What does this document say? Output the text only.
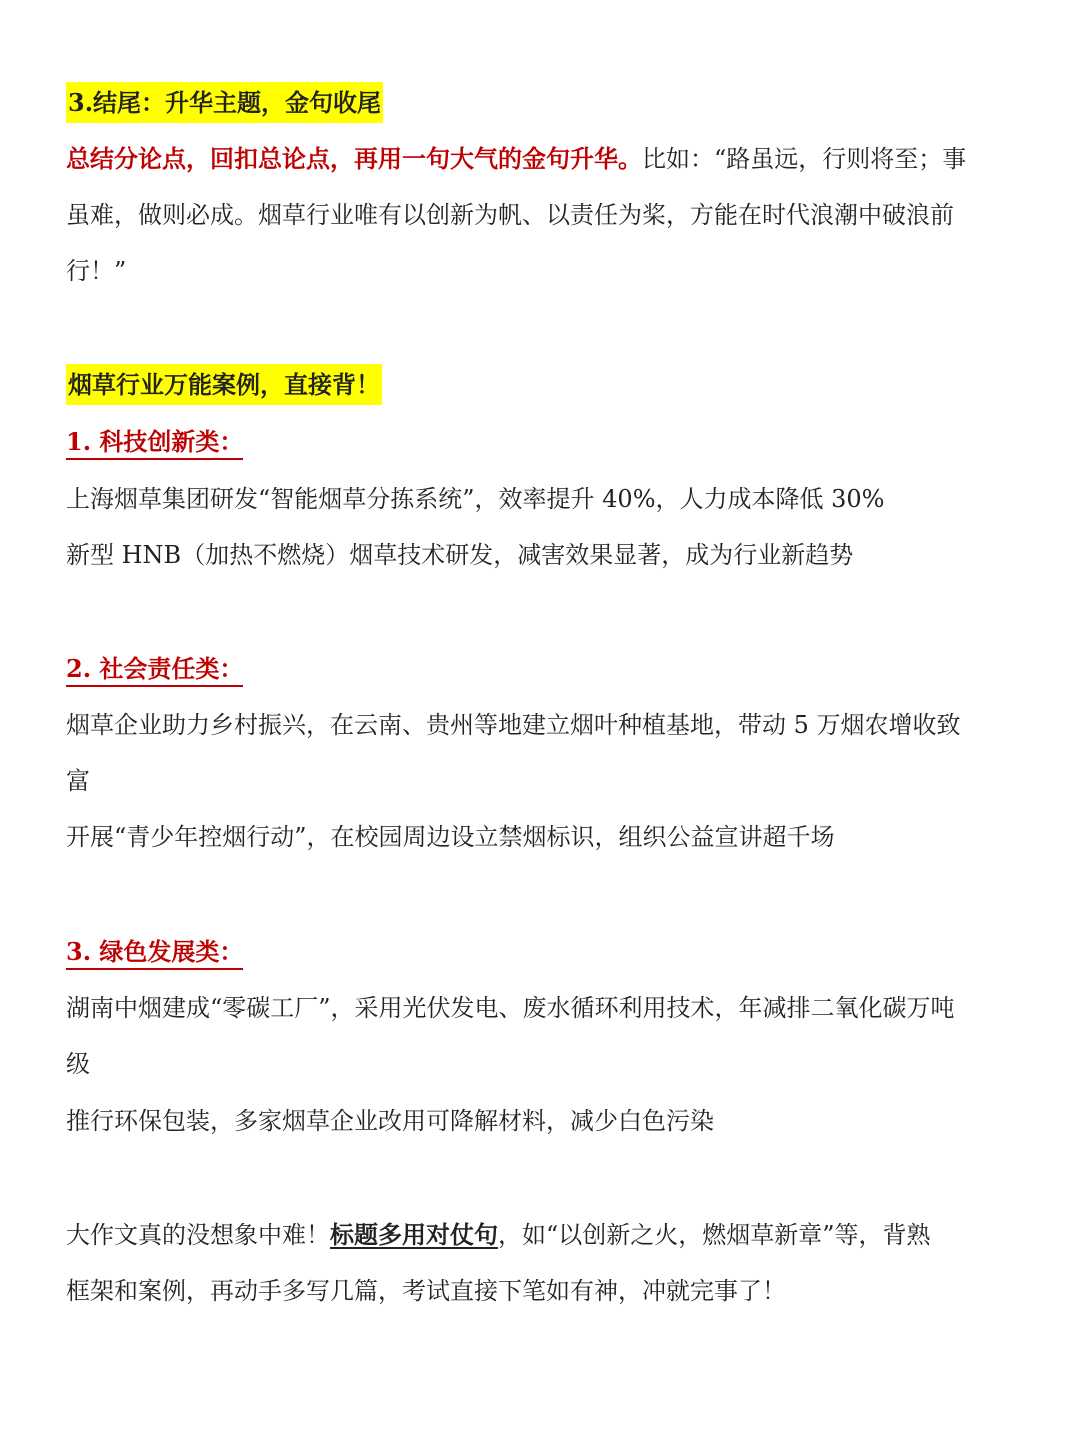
3.结尾：升华主题，金句收尾
总结分论点，回扣总论点，再用一句大气的金句升华。比如：“路虽远，行则将至；事
虽难，做则必成。烟草行业唯有以创新为帆、以责任为桨，方能在时代浪潮中破浪前
行！”
烟草行业万能案例，直接背！
1. 科技创新类：
上海烟草集团研发“智能烟草分拣系统”，效率提升 40%，人力成本降低 30%
新型 HNB（加热不燃烧）烟草技术研发，减害效果显著，成为行业新趋势
2. 社会责任类：
烟草企业助力乡村振兴，在云南、贵州等地建立烟叶种植基地，带动 5 万烟农增收致
富
开展“青少年控烟行动”，在校园周边设立禁烟标识，组织公益宣讲超千场
3. 绿色发展类：
湖南中烟建成“零碳工厂”，采用光伏发电、废水循环利用技术，年减排二氧化碳万吨
级
推行环保包装，多家烟草企业改用可降解材料，减少白色污染
大作文真的没想象中难！标题多用对仗句，如“以创新之火，燃烟草新章”等，背熟
框架和案例，再动手多写几篇，考试直接下笔如有神，冲就完事了！
